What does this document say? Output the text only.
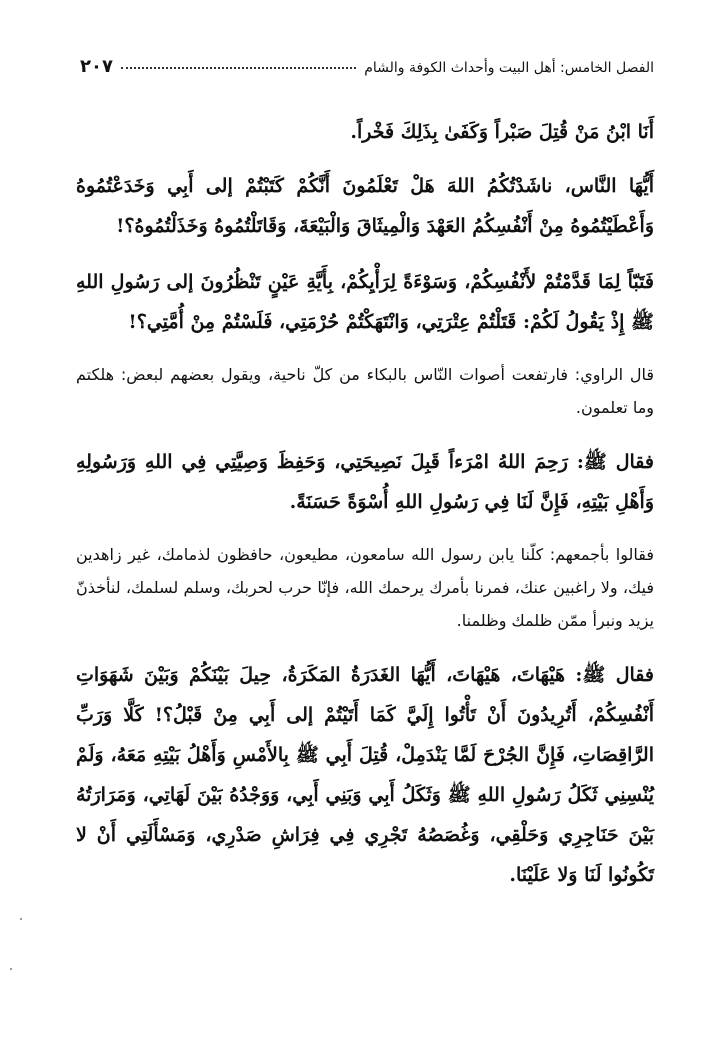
الفصل الخامس: أهل البيت وأحداث الكوفة والشام
٢٠٧

أَنَا ابْنُ مَنْ قُتِلَ صَبْراً وَكَفَىٰ بِذَلِكَ فَخْراً.

أَيُّهَا النَّاس، ناشَدْتُكُمُ اللهَ هَلْ تَعْلَمُونَ أَنَّكُمْ كَتَبْتُمْ إلى أَبِي وَخَدَعْتُمُوهُ وَأَعْطَيْتُمُوهُ مِنْ أَنْفُسِكُمُ العَهْدَ وَالْمِيثَاقَ وَالْبَيْعَةَ، وَقَاتَلْتُمُوهُ وَخَذَلْتُمُوهُ؟!

فَتَبّاً لِمَا قَدَّمْتُمْ لأَنْفُسِكُمْ، وَسَوْءَةً لِرَأْيِكُمْ، بِأَيَّةِ عَيْنٍ تَنْظُرُونَ إلى رَسُولِ اللهِ ﷺ إِذْ يَقُولُ لَكُمْ: قَتَلْتُمْ عِتْرَتِي، وَانْتَهَكْتُمْ حُرْمَتِي، فَلَسْتُمْ مِنْ أُمَّتِي؟!

قال الراوي: فارتفعت أصوات النّاس بالبكاء من كلّ ناحية، ويقول بعضهم لبعض: هلكتم وما تعلمون.

فقال ﷺ: رَحِمَ اللهُ امْرَءاً قَبِلَ نَصِيحَتِي، وَحَفِظَ وَصِيَّتِي فِي اللهِ وَرَسُولِهِ وَأَهْلِ بَيْتِهِ، فَإِنَّ لَنَا فِي رَسُولِ اللهِ أُسْوَةً حَسَنَةً.

فقالوا بأجمعهم: كلّنا يابن رسول الله سامعون، مطيعون، حافظون لذمامك، غير زاهدين فيك، ولا راغبين عنك، فمرنا بأمرك يرحمك الله، فإنّا حرب لحربك، وسلم لسلمك، لنأخذنّ يزيد ونبرأ ممّن ظلمك وظلمنا.

فقال ﷺ: هَيْهَاتَ، هَيْهَاتَ، أَيُّهَا الغَدَرَةُ المَكَرَةُ، حِيلَ بَيْنَكُمْ وَبَيْنَ شَهَوَاتِ أَنْفُسِكُمْ، أَتُرِيدُونَ أَنْ تَأْتُوا إِلَيَّ كَمَا أَتَيْتُمْ إلى أَبِي مِنْ قَبْلُ؟! كَلَّا وَرَبِّ الرَّاقِصَاتِ، فَإِنَّ الجُرْحَ لَمَّا يَنْدَمِلْ، قُتِلَ أَبِي ﷺ بِالأَمْسِ وَأَهْلُ بَيْتِهِ مَعَهُ، وَلَمْ يُنْسِنِي ثَكَلُ رَسُولِ اللهِ ﷺ وَثَكَلُ أَبِي وَبَنِي أَبِي، وَوَجْدُهُ بَيْنَ لَهَاتِي، وَمَرَارَتُهُ بَيْنَ حَنَاجِرِي وَحَلْقِي، وَغُصَصُهُ تَجْرِي فِي فِرَاشِ صَدْرِي، وَمَسْأَلَتِي أَنْ لا تَكُونُوا لَنَا وَلا عَلَيْنَا.
